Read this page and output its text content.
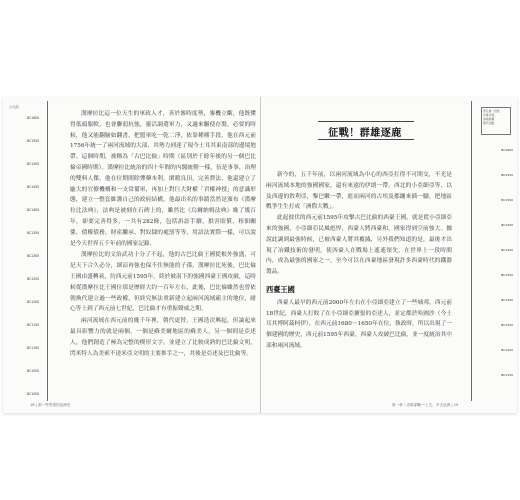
公元前
BC1600
BC1550
BC1500
BC1450
BC1400
BC1350
BC1300
BC1250
BC1200
BC1150
BC1100
BC1050
BC1000

漢摩拉比這一位天生的軍政人才，善於審時度勢，審機立斷，他既懂得低頭服軟，也會聯弱抗強，靈活調遣軍力，又適來驅使存盤，必要的時候，他又能翻臉如翻書，把盟軍吃一乾二淨，依靠種種手段，他在西元前1756年統一了兩河流域的大部，其勢力到達了現今土耳其東南部的邊境地帶。這個時期，被稱為「古巴比倫」時期（區別於千餘年後的另一個巴比倫帝國時期）。漢摩拉比統治的四十年間的內閣統轄一樣，伍是事事，治理的雙料人傑，他在位期間除彈藥本利，閑暇良田，完善費法，他還建立了龐大的官僚機構和一支常備軍，再加上對巨大財權「君權神授」的意識形態，建立一整套維護自己的政府結構，他最出名的事蹟當然是頒布《漢摩拉比法典》，法典是被刻在石碑上的，雖然比《烏爾納姆法典》晚了幾百年，卻要完善得多，一共有282條，包括訴訟手續、損害賠償、租佃關係、債權債務、財產繼承、對奴隸的處罰等等，用語法實際一樣，可以說是今天世界五千年前的國家記錄。

漢摩拉比的文治武功十分了不起，他的古巴比倫王國從根外強盛，可是天下合久必分，細涼再強也保不住無能的子孫，漢摩拉比死後，巴比倫王國由盛轉衰，約西元前1595年，終於被南下的強國西臺王國攻破，這時候從漢摩拉比王國位那是歷經大約一百年左右，此後，巴比倫雖然也曾依朝換代建立過一些政權，但終究無法重新建立起兩河流域霸主的地位，耐心等上到了西元前七世紀，巴比倫才有重振聲威之期。

兩河流域在西元前的幾千年裡，朝代更替，王國迭次興起，但論起來最具影響力的就是兩個，一個是蘇美爾地區的蘇美人，另一個則是亞述人，他們創造了極為完整的楔形文字，並建立了比較成熟的巴比倫文明，閃米特人為美索不達米亞文明的主要推手之一，其後是亞述及巴比倫等。

征戰！群雄逐鹿

新今的，五千年前，以兩河流域為中心的西亞打得不可開交，不光是兩河流域本地的強國國家，還有來遠的伊朗一帶，西北的小亞細亞等，以及西邊的敘利亞，黎巴嫩一帶，進而兩河的古埃及都蹦來插一腳，把地區戰爭生生打成「洲際大戰」。

此起彼伏的西元前1595年攻擊古巴比倫的西臺王國，就是從小亞細亞來的強國，小亞細亞民風彪悍，西臺人將西臺和，國家得到空前強大。據說此調到最強時候，已被西臺人將其覆滅，另外我們知道的是，最後才出現了冶鐵技術的發明，使西臺人在戰場上遙遙領先，在世界上一段時間內，成為最強的國家之一，至今可以在西臺地區發現許多西臺時代的鐵器製品。

西臺王國

西臺人最早的西元前2000年左右在小亞細亞建立了一些城邦，西元前18世紀，西臺人打敗了在小亞細亞擴張的亞述人，並定都於哈圖沙（今土耳其博阿茲柯伊），在西元前1680～1650年在位，執政時，所以出現了一個建國的歷史，西元前1595年西臺，西臺人攻破巴比倫，並一度統治其中部和兩河流域。

西元前一世紀
中東中部，
各地政權
與巴比倫
BC1600
BC1550
BC1500
BC1450
BC1400
BC1350
BC1300
BC1250
BC1200
BC1150
18 | 那一些等著的亞洲史	第一章｜洋際部戰──上古，中古亞洲 | 19
